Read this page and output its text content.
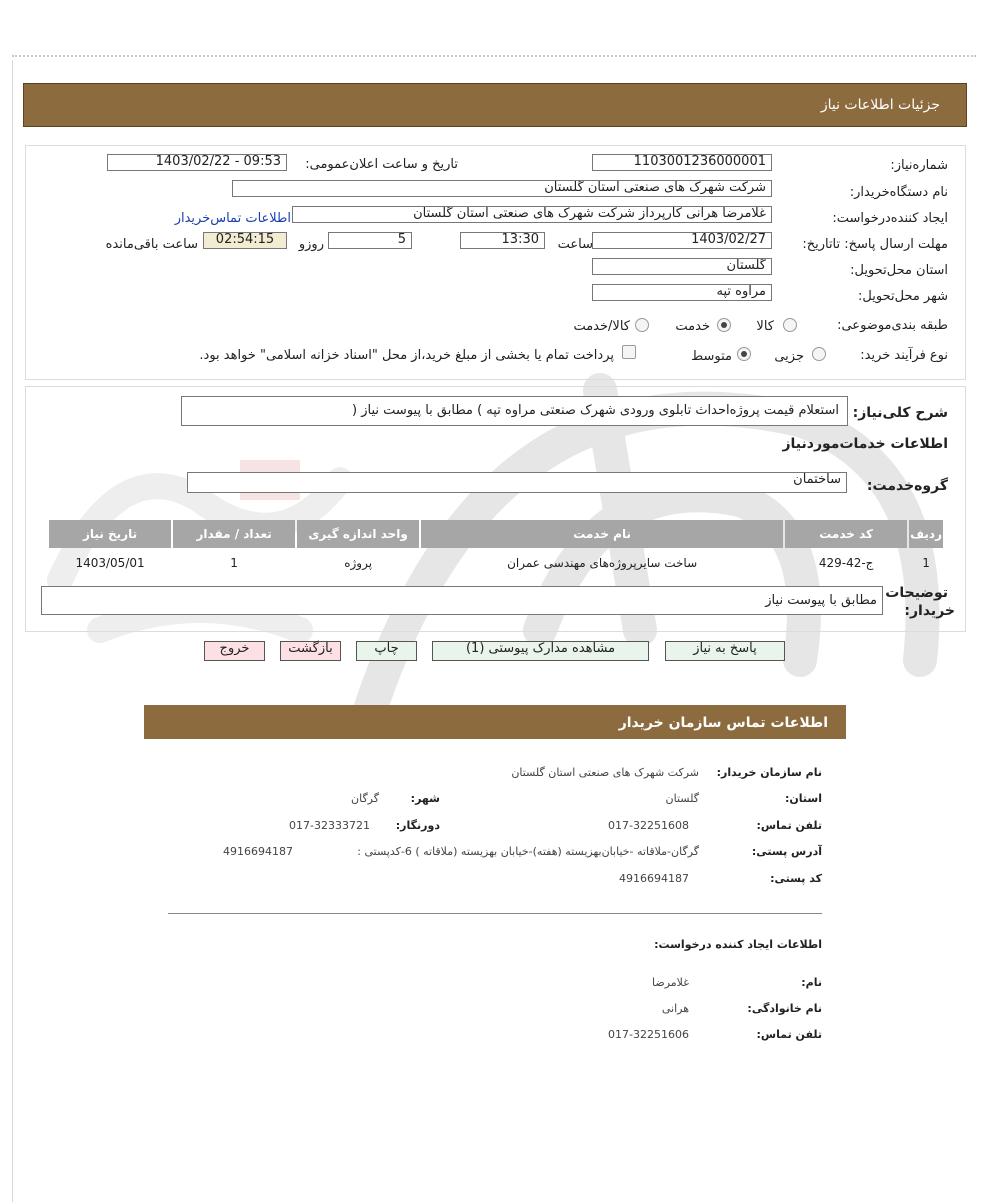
جزئیات اطلاعات نیاز
شماره‌نیاز:
1103001236000001
تاریخ و ساعت اعلان‌عمومی:
1403/02/22 - 09:53
نام دستگاه‌خریدار:
شرکت شهرک های صنعتی استان گلستان
ایجاد کننده‌درخواست:
غلامرضا هرانی کارپرداز شرکت شهرک های صنعتی استان گلستان
اطلاعات تماس‌خریدار
مهلت ارسال پاسخ: تاتاریخ:
1403/02/27
ساعت
13:30
5
روزو
02:54:15
ساعت باقی‌مانده
استان محل‌تحویل:
گلستان
شهر محل‌تحویل:
مراوه تپه
طبقه بندی‌موضوعی:
کالا
خدمت
کالا/خدمت
نوع فرآیند خرید:
جزیی
متوسط
پرداخت تمام یا بخشی از مبلغ خرید،از محل "اسناد خزانه اسلامی" خواهد بود.
شرح کلی‌نیاز:
استعلام قیمت پروژه‌احداث تابلوی ورودی شهرک صنعتی مراوه تپه ) مطابق با پیوست نیاز (
اطلاعات خدمات‌موردنیاز
گروه‌خدمت:
ساختمان
ردیف	کد خدمت	نام خدمت	واحد اندازه گیری	تعداد / مقدار	تاریخ نیاز
1	ج-42-429	ساخت سایرپروژه‌های مهندسی عمران	پروژه	1	1403/05/01
توضیحات
خریدار:
مطابق با پیوست نیاز
پاسخ به نیاز
مشاهده مدارک پیوستی (1)
چاپ
بازگشت
خروج
اطلاعات تماس سازمان خریدار
نام سازمان خریدار:
شرکت شهرک های صنعتی استان گلستان
استان:
گلستان
شهر:
گرگان
تلفن تماس:
017-32251608
دورنگار:
017-32333721
آدرس پستی:
گرگان-ملاقاته -خیابان‌بهزیسته (هفته)-خیابان بهزیسته (ملاقاته ) 6-کدپستی :
4916694187
کد پستی:
4916694187
اطلاعات ایجاد کننده درخواست:
نام:
غلامرضا
نام خانوادگی:
هرانی
تلفن تماس:
017-32251606
